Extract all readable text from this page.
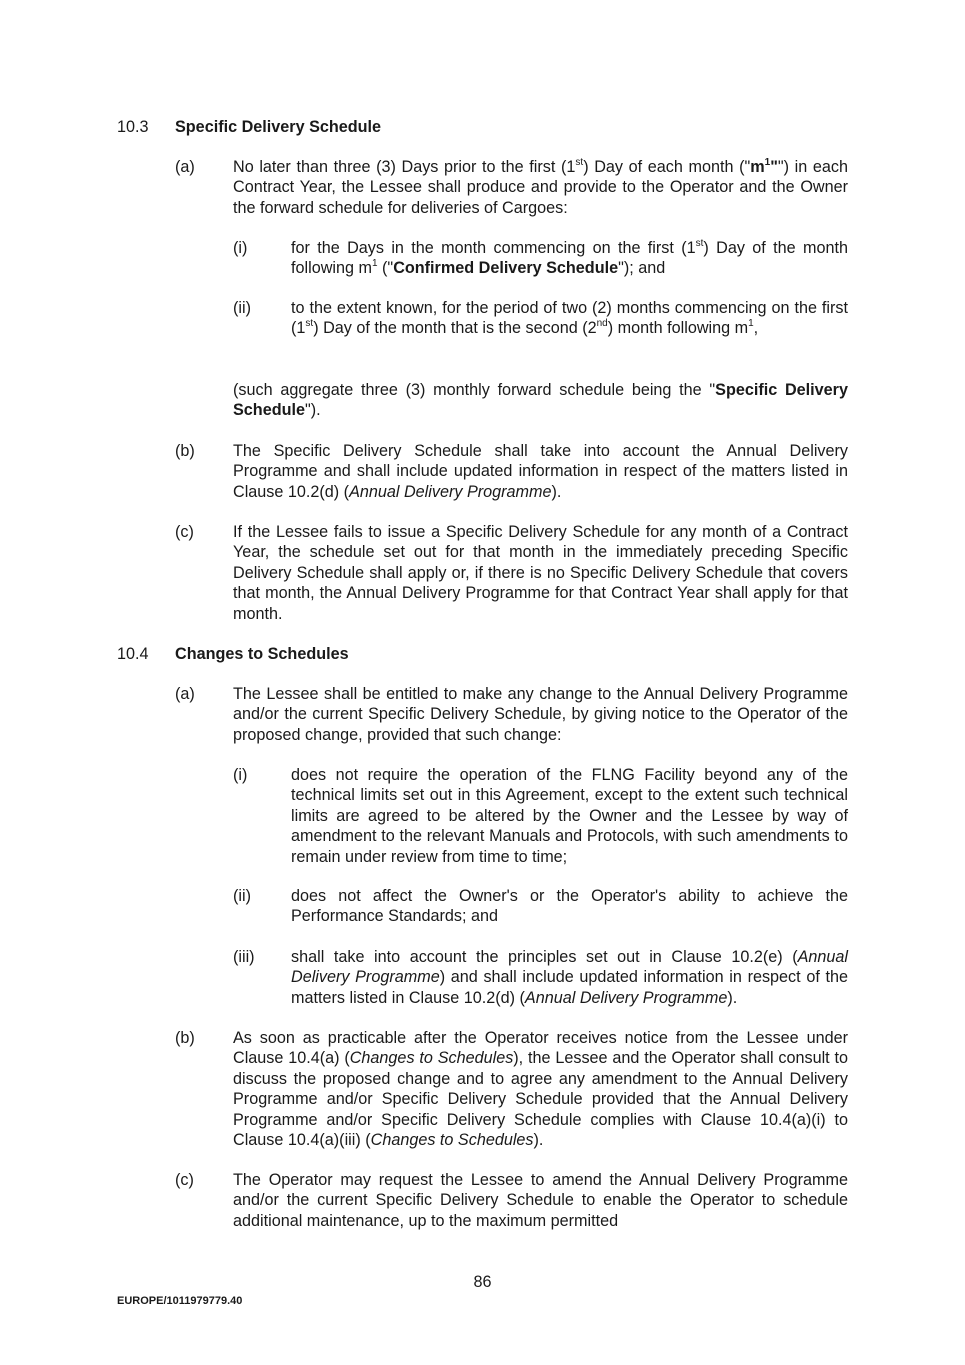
10.3 Specific Delivery Schedule
(a) No later than three (3) Days prior to the first (1st) Day of each month $("m^1"")$ in each Contract Year, the Lessee shall produce and provide to the Operator and the Owner the forward schedule for deliveries of Cargoes:
(i)	for the Days in the month commencing on the first (1st) Day of the month following $m^1$ ("Confirmed Delivery Schedule"); and
(ii) to the extent known, for the period of two (2) months commencing on the first (1st) Day of the month that is the second (2nd) month following $m^1$,
(such aggregate three (3) monthly forward schedule being the "Specific Delivery Schedule").
(b) The Specific Delivery Schedule shall take into account the Annual Delivery Programme and shall include updated information in respect of the matters listed in Clause 10.2(d) (Annual Delivery Programme).
(c) If the Lessee fails to issue a Specific Delivery Schedule for any month of a Contract Year, the schedule set out for that month in the immediately preceding Specific Delivery Schedule shall apply or, if there is no Specific Delivery Schedule that covers that month, the Annual Delivery Programme for that Contract Year shall apply for that month.
10.4 Changes to Schedules
(a) The Lessee shall be entitled to make any change to the Annual Delivery Programme and/or the current Specific Delivery Schedule, by giving notice to the Operator of the proposed change, provided that such change:
(i)	does not require the operation of the FLNG Facility beyond any of the technical limits set out in this Agreement, except to the extent such technical limits are agreed to be altered by the Owner and the Lessee by way of amendment to the relevant Manuals and Protocols, with such amendments to remain under review from time to time;
(ii) does not affect the Owner's or the Operator's ability to achieve the Performance Standards; and
(iii) shall take into account the principles set out in Clause 10.2(e) (Annual Delivery Programme) and shall include updated information in respect of the matters listed in Clause 10.2(d) (Annual Delivery Programme).
(b) As soon as practicable after the Operator receives notice from the Lessee under Clause 10.4(a) (Changes to Schedules), the Lessee and the Operator shall consult to discuss the proposed change and to agree any amendment to the Annual Delivery Programme and/or Specific Delivery Schedule provided that the Annual Delivery Programme and/or Specific Delivery Schedule complies with Clause 10.4(a)(i) to Clause 10.4(a)(iii) (Changes to Schedules).
(c) The Operator may request the Lessee to amend the Annual Delivery Programme and/or the current Specific Delivery Schedule to enable the Operator to schedule additional maintenance, up to the maximum permitted
86
EUROPE/1011979779.40
